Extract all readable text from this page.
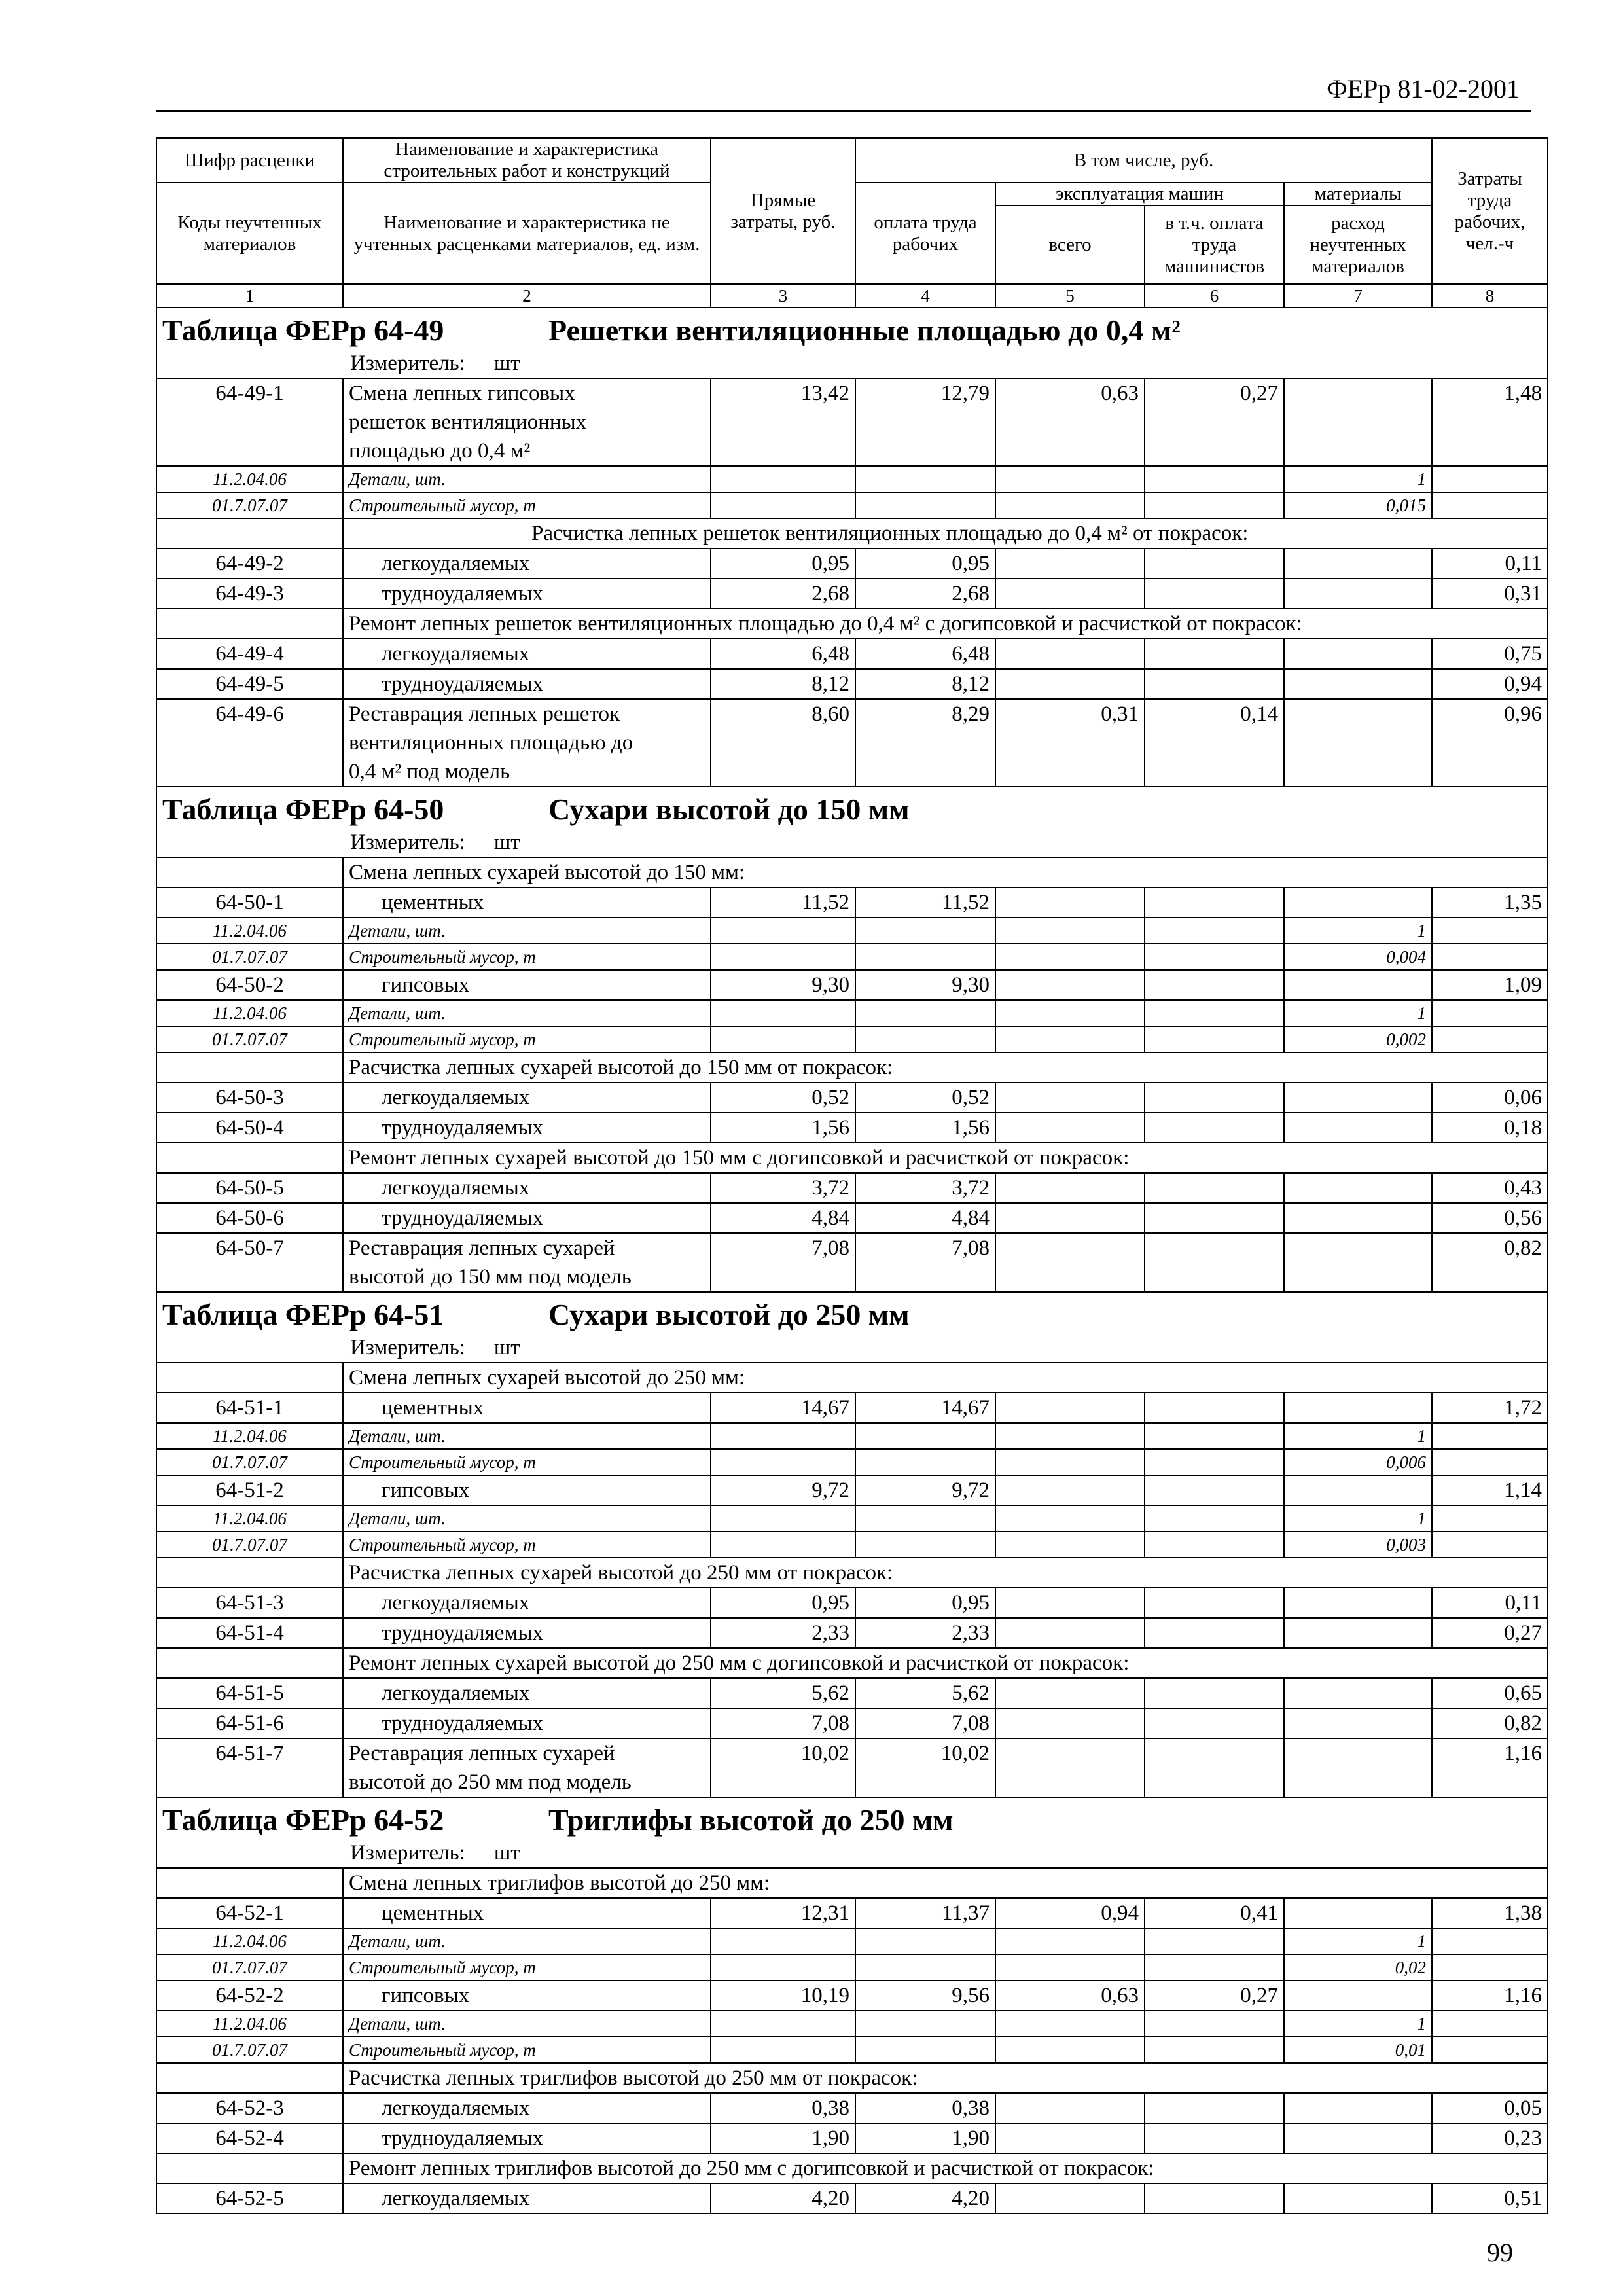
ФЕРр 81-02-2001
Шифр расценки	Наименование и характеристика строительных работ и конструкций	Прямые затраты, руб.	В том числе, руб.				Затраты труда рабочих, чел.-ч
Коды неучтенных материалов	Наименование и характеристика не учтенных расценками материалов, ед. изм.		оплата труда рабочих	эксплуатация машин		материалы	
				всего	в т.ч. оплата труда машинистов	расход неучтенных материалов	
1	2	3	4	5	6	7	8
Таблица ФЕРр 64-49 Решетки вентиляционные площадью до 0,4 м²							
Измеритель: шт							
64-49-1	Смена лепных гипсовых решеток вентиляционных площадью до 0,4 м²	13,42	12,79	0,63	0,27		1,48
11.2.04.06	Детали, шт.					1	
01.7.07.07	Строительный мусор, т					0,015	
	Расчистка лепных решеток вентиляционных площадью до 0,4 м² от покрасок:						
64-49-2	легкоудаляемых	0,95	0,95				0,11
64-49-3	трудноудаляемых	2,68	2,68				0,31
	Ремонт лепных решеток вентиляционных площадью до 0,4 м² с догипсовкой и расчисткой от покрасок:						
64-49-4	легкоудаляемых	6,48	6,48				0,75
64-49-5	трудноудаляемых	8,12	8,12				0,94
64-49-6	Реставрация лепных решеток вентиляционных площадью до 0,4 м² под модель	8,60	8,29	0,31	0,14		0,96
Таблица ФЕРр 64-50 Сухари высотой до 150 мм							
Измеритель: шт							
	Смена лепных сухарей высотой до 150 мм:						
64-50-1	цементных	11,52	11,52				1,35
11.2.04.06	Детали, шт.					1	
01.7.07.07	Строительный мусор, т					0,004	
64-50-2	гипсовых	9,30	9,30				1,09
11.2.04.06	Детали, шт.					1	
01.7.07.07	Строительный мусор, т					0,002	
	Расчистка лепных сухарей высотой до 150 мм от покрасок:						
64-50-3	легкоудаляемых	0,52	0,52				0,06
64-50-4	трудноудаляемых	1,56	1,56				0,18
	Ремонт лепных сухарей высотой до 150 мм с догипсовкой и расчисткой от покрасок:						
64-50-5	легкоудаляемых	3,72	3,72				0,43
64-50-6	трудноудаляемых	4,84	4,84				0,56
64-50-7	Реставрация лепных сухарей высотой до 150 мм под модель	7,08	7,08				0,82
Таблица ФЕРр 64-51 Сухари высотой до 250 мм							
Измеритель: шт							
	Смена лепных сухарей высотой до 250 мм:						
64-51-1	цементных	14,67	14,67				1,72
11.2.04.06	Детали, шт.					1	
01.7.07.07	Строительный мусор, т					0,006	
64-51-2	гипсовых	9,72	9,72				1,14
11.2.04.06	Детали, шт.					1	
01.7.07.07	Строительный мусор, т					0,003	
	Расчистка лепных сухарей высотой до 250 мм от покрасок:						
64-51-3	легкоудаляемых	0,95	0,95				0,11
64-51-4	трудноудаляемых	2,33	2,33				0,27
	Ремонт лепных сухарей высотой до 250 мм с догипсовкой и расчисткой от покрасок:						
64-51-5	легкоудаляемых	5,62	5,62				0,65
64-51-6	трудноудаляемых	7,08	7,08				0,82
64-51-7	Реставрация лепных сухарей высотой до 250 мм под модель	10,02	10,02				1,16
Таблица ФЕРр 64-52 Триглифы высотой до 250 мм							
Измеритель: шт							
	Смена лепных триглифов высотой до 250 мм:						
64-52-1	цементных	12,31	11,37	0,94	0,41		1,38
11.2.04.06	Детали, шт.					1	
01.7.07.07	Строительный мусор, т					0,02	
64-52-2	гипсовых	10,19	9,56	0,63	0,27		1,16
11.2.04.06	Детали, шт.					1	
01.7.07.07	Строительный мусор, т					0,01	
	Расчистка лепных триглифов высотой до 250 мм от покрасок:						
64-52-3	легкоудаляемых	0,38	0,38				0,05
64-52-4	трудноудаляемых	1,90	1,90				0,23
	Ремонт лепных триглифов высотой до 250 мм с догипсовкой и расчисткой от покрасок:						
64-52-5	легкоудаляемых	4,20	4,20				0,51
99
